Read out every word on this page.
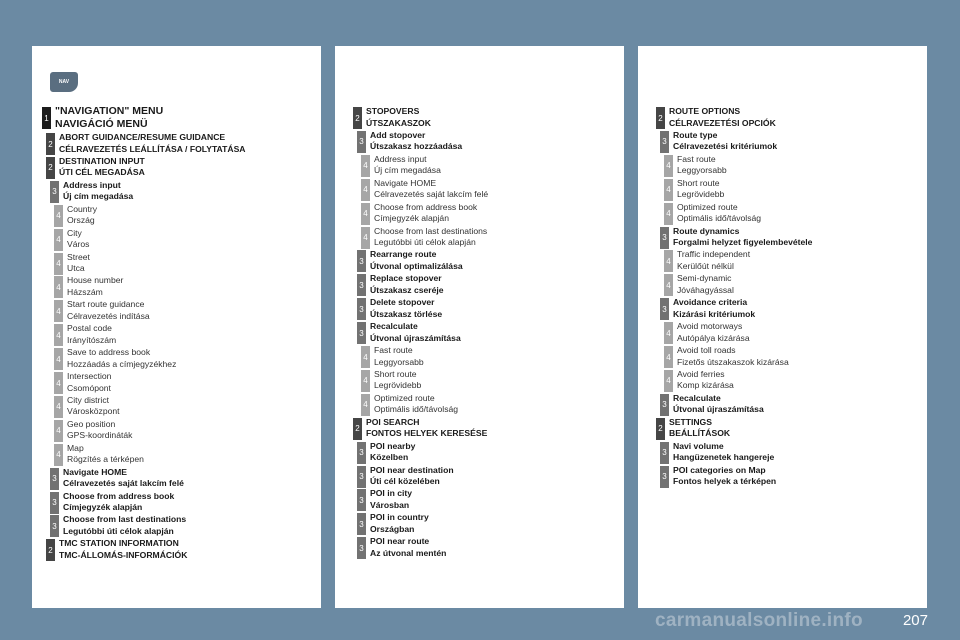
NAV
1
"NAVIGATION" MENU
NAVIGÁCIÓ MENÜ
2
ABORT GUIDANCE/RESUME GUIDANCE
CÉLRAVEZETÉS LEÁLLÍTÁSA / FOLYTATÁSA
2
DESTINATION INPUT
ÚTI CÉL MEGADÁSA
3
Address input
Új cím megadása
4
Country
Ország
4
City
Város
4
Street
Utca
4
House number
Házszám
4
Start route guidance
Célravezetés indítása
4
Postal code
Irányítószám
4
Save to address book
Hozzáadás a címjegyzékhez
4
Intersection
Csomópont
4
City district
Városközpont
4
Geo position
GPS-koordináták
4
Map
Rögzítés a térképen
3
Navigate HOME
Célravezetés saját lakcím felé
3
Choose from address book
Címjegyzék alapján
3
Choose from last destinations
Legutóbbi úti célok alapján
2
TMC STATION INFORMATION
TMC-ÁLLOMÁS-INFORMÁCIÓK
2
STOPOVERS
ÚTSZAKASZOK
3
Add stopover
Útszakasz hozzáadása
4
Address input
Új cím megadása
4
Navigate HOME
Célravezetés saját lakcím felé
4
Choose from address book
Címjegyzék alapján
4
Choose from last destinations
Legutóbbi úti célok alapján
3
Rearrange route
Útvonal optimalizálása
3
Replace stopover
Útszakasz cseréje
3
Delete stopover
Útszakasz törlése
3
Recalculate
Útvonal újraszámítása
4
Fast route
Leggyorsabb
4
Short route
Legrövidebb
4
Optimized route
Optimális idő/távolság
2
POI SEARCH
FONTOS HELYEK KERESÉSE
3
POI nearby
Közelben
3
POI near destination
Úti cél közelében
3
POI in city
Városban
3
POI in country
Országban
3
POI near route
Az útvonal mentén
2
ROUTE OPTIONS
CÉLRAVEZETÉSI OPCIÓK
3
Route type
Célravezetési kritériumok
4
Fast route
Leggyorsabb
4
Short route
Legrövidebb
4
Optimized route
Optimális idő/távolság
3
Route dynamics
Forgalmi helyzet figyelembevétele
4
Traffic independent
Kerülőút nélkül
4
Semi-dynamic
Jóváhagyással
3
Avoidance criteria
Kizárási kritériumok
4
Avoid motorways
Autópálya kizárása
4
Avoid toll roads
Fizetős útszakaszok kizárása
4
Avoid ferries
Komp kizárása
3
Recalculate
Útvonal újraszámítása
2
SETTINGS
BEÁLLÍTÁSOK
3
Navi volume
Hangüzenetek hangereje
3
POI categories on Map
Fontos helyek a térképen
carmanualsonline.info	207
